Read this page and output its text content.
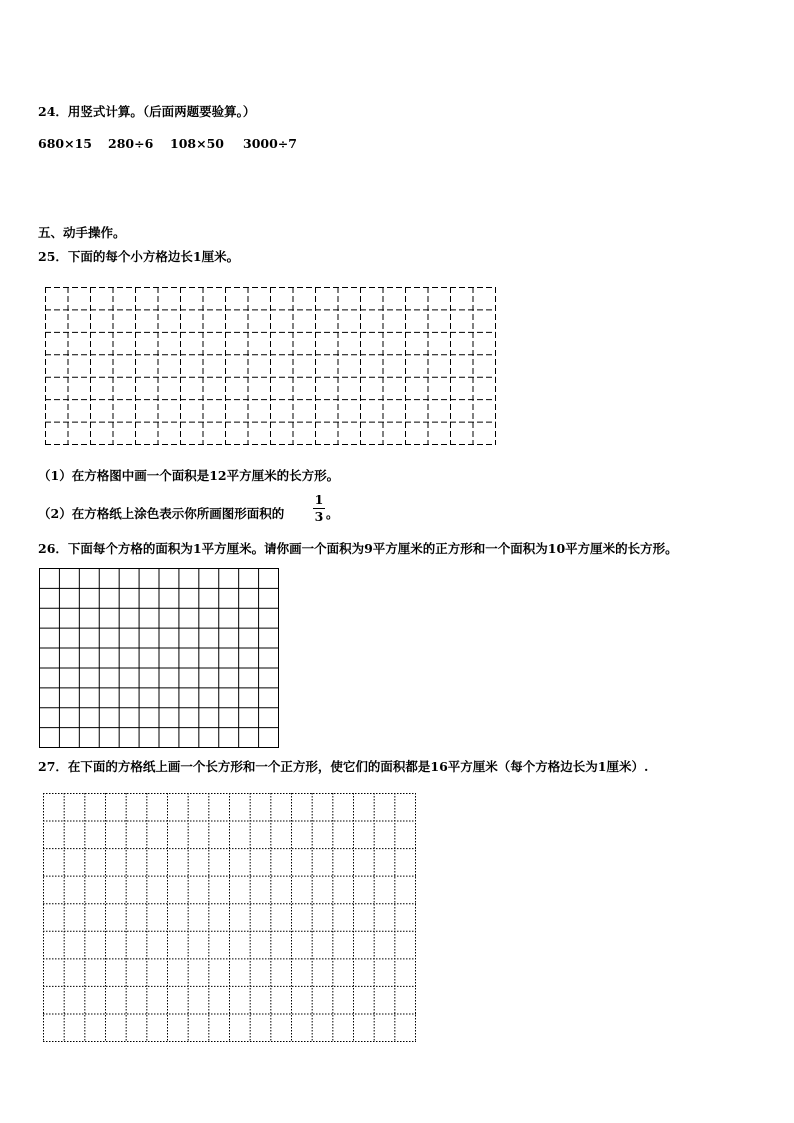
24．用竖式计算。（后面两题要验算。）
680×15 280÷6 108×50 3000÷7
五、动手操作。
25．下面的每个小方格边长1厘米。
（1）在方格图中画一个面积是12平方厘米的长方形。
（2）在方格纸上涂色表示你所画图形面积的
1
3 。
26．下面每个方格的面积为1平方厘米。请你画一个面积为9平方厘米的正方形和一个面积为10平方厘米的长方形。
27．在下面的方格纸上画一个长方形和一个正方形，使它们的面积都是16平方厘米（每个方格边长为1厘米）.
